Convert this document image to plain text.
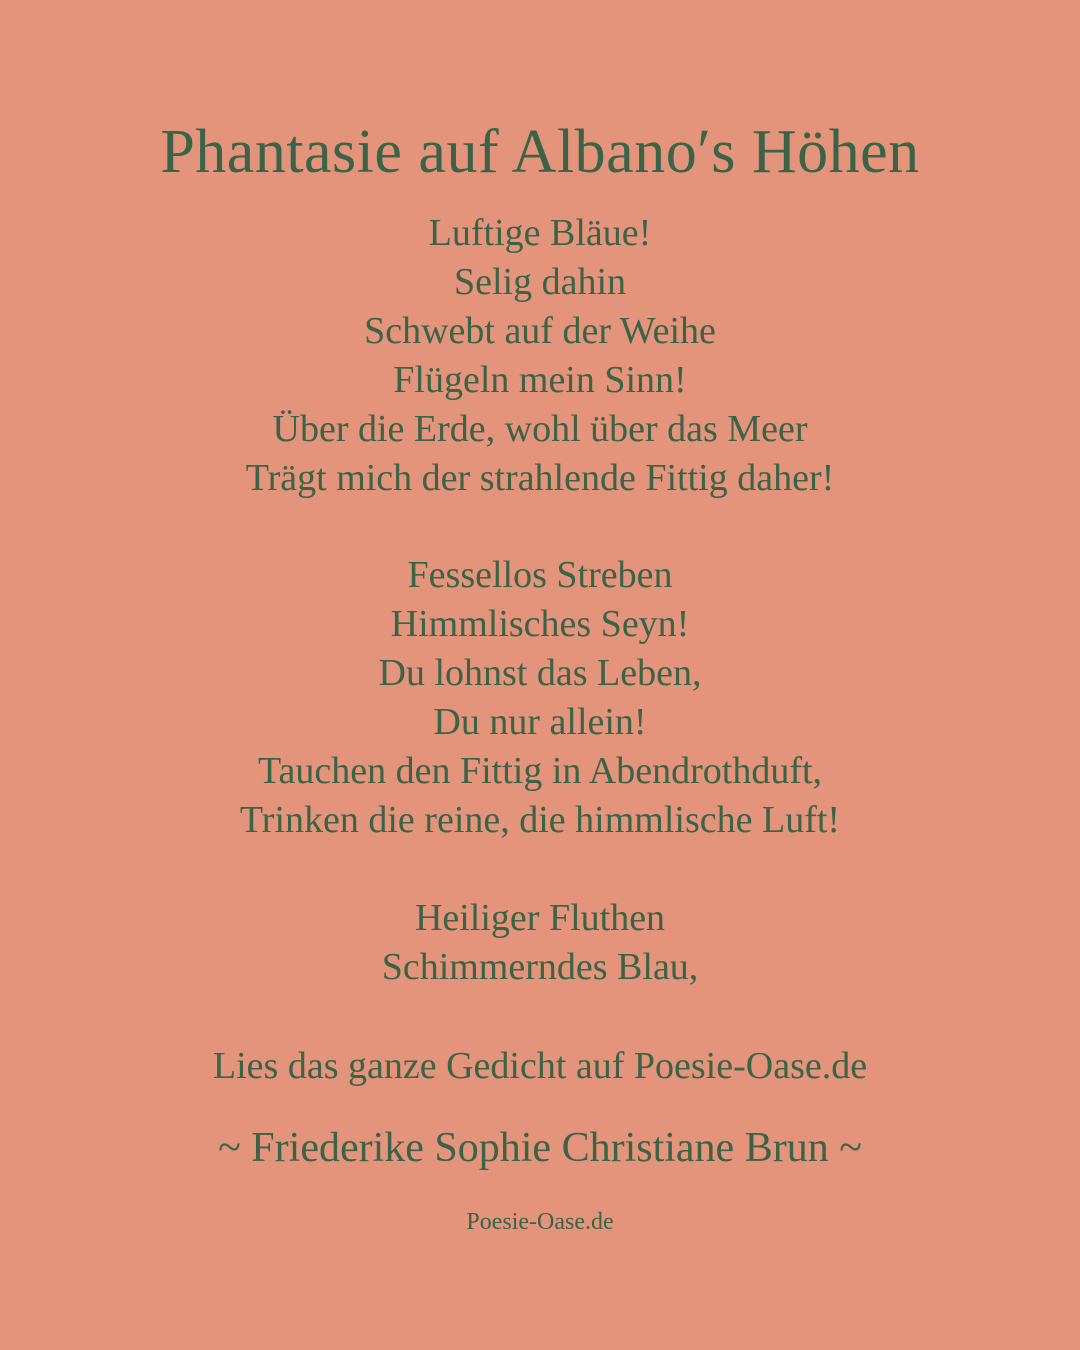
Phantasie auf Albano′s Höhen
Luftige Bläue!
Selig dahin
Schwebt auf der Weihe
Flügeln mein Sinn!
Über die Erde, wohl über das Meer
Trägt mich der strahlende Fittig daher!
Fessellos Streben
Himmlisches Seyn!
Du lohnst das Leben,
Du nur allein!
Tauchen den Fittig in Abendrothduft,
Trinken die reine, die himmlische Luft!
Heiliger Fluthen
Schimmerndes Blau,
Lies das ganze Gedicht auf Poesie-Oase.de
~ Friederike Sophie Christiane Brun ~
Poesie-Oase.de
